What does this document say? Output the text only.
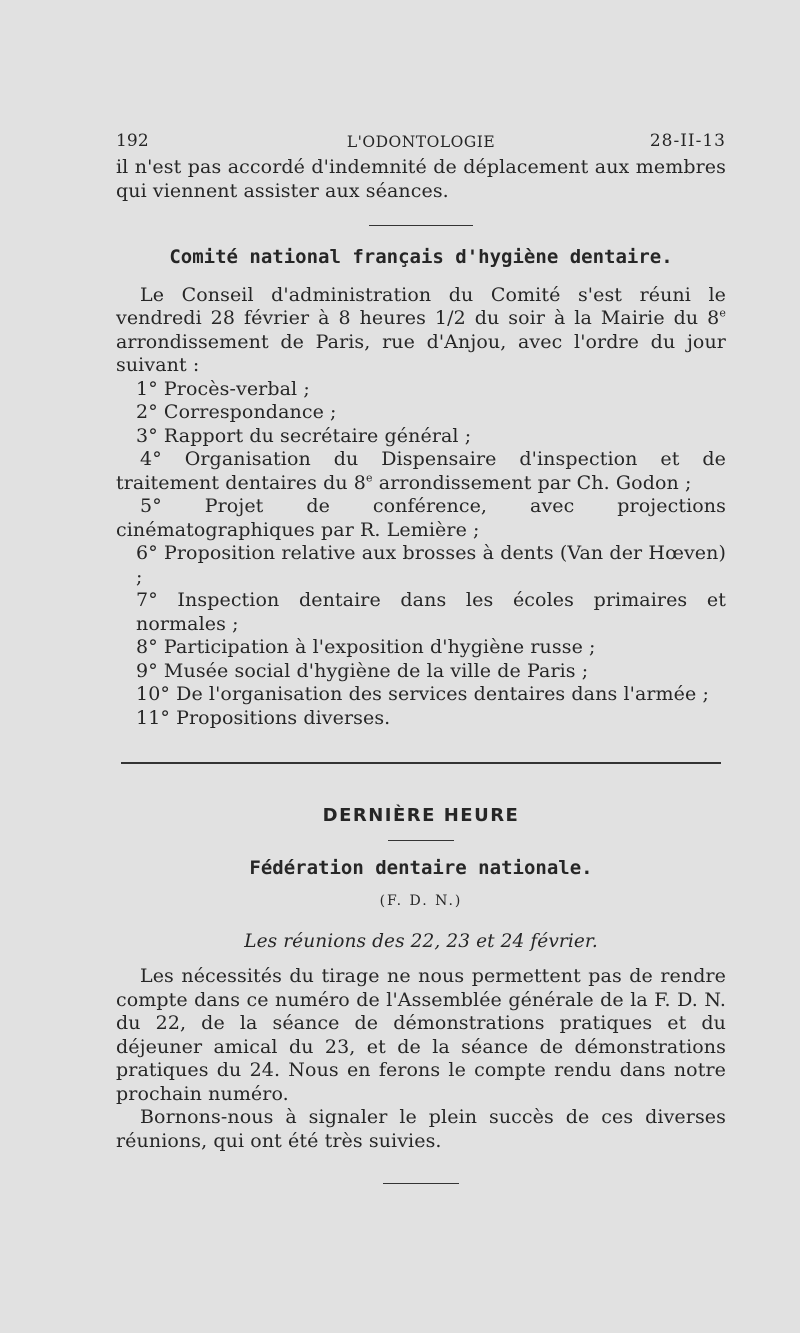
192	L'ODONTOLOGIE	28-II-13

il n'est pas accordé d'indemnité de déplacement aux membres qui viennent assister aux séances.

Comité national français d'hygiène dentaire.

Le Conseil d'administration du Comité s'est réuni le vendredi 28 février à 8 heures 1/2 du soir à la Mairie du 8e arrondissement de Paris, rue d'Anjou, avec l'ordre du jour suivant :

1° Procès-verbal ;

2° Correspondance ;

3° Rapport du secrétaire général ;

4° Organisation du Dispensaire d'inspection et de traitement dentaires du 8e arrondissement par Ch. Godon ;

5° Projet de conférence, avec projections cinématographiques par R. Lemière ;

6° Proposition relative aux brosses à dents (Van der Hœven) ;

7° Inspection dentaire dans les écoles primaires et normales ;

8° Participation à l'exposition d'hygiène russe ;

9° Musée social d'hygiène de la ville de Paris ;

10° De l'organisation des services dentaires dans l'armée ;

11° Propositions diverses.

DERNIÈRE HEURE
Fédération dentaire nationale.
(F. D. N.)
Les réunions des 22, 23 et 24 février.

Les nécessités du tirage ne nous permettent pas de rendre compte dans ce numéro de l'Assemblée générale de la F. D. N. du 22, de la séance de démonstrations pratiques et du déjeuner amical du 23, et de la séance de démonstrations pratiques du 24. Nous en ferons le compte rendu dans notre prochain numéro.

Bornons-nous à signaler le plein succès de ces diverses réunions, qui ont été très suivies.
